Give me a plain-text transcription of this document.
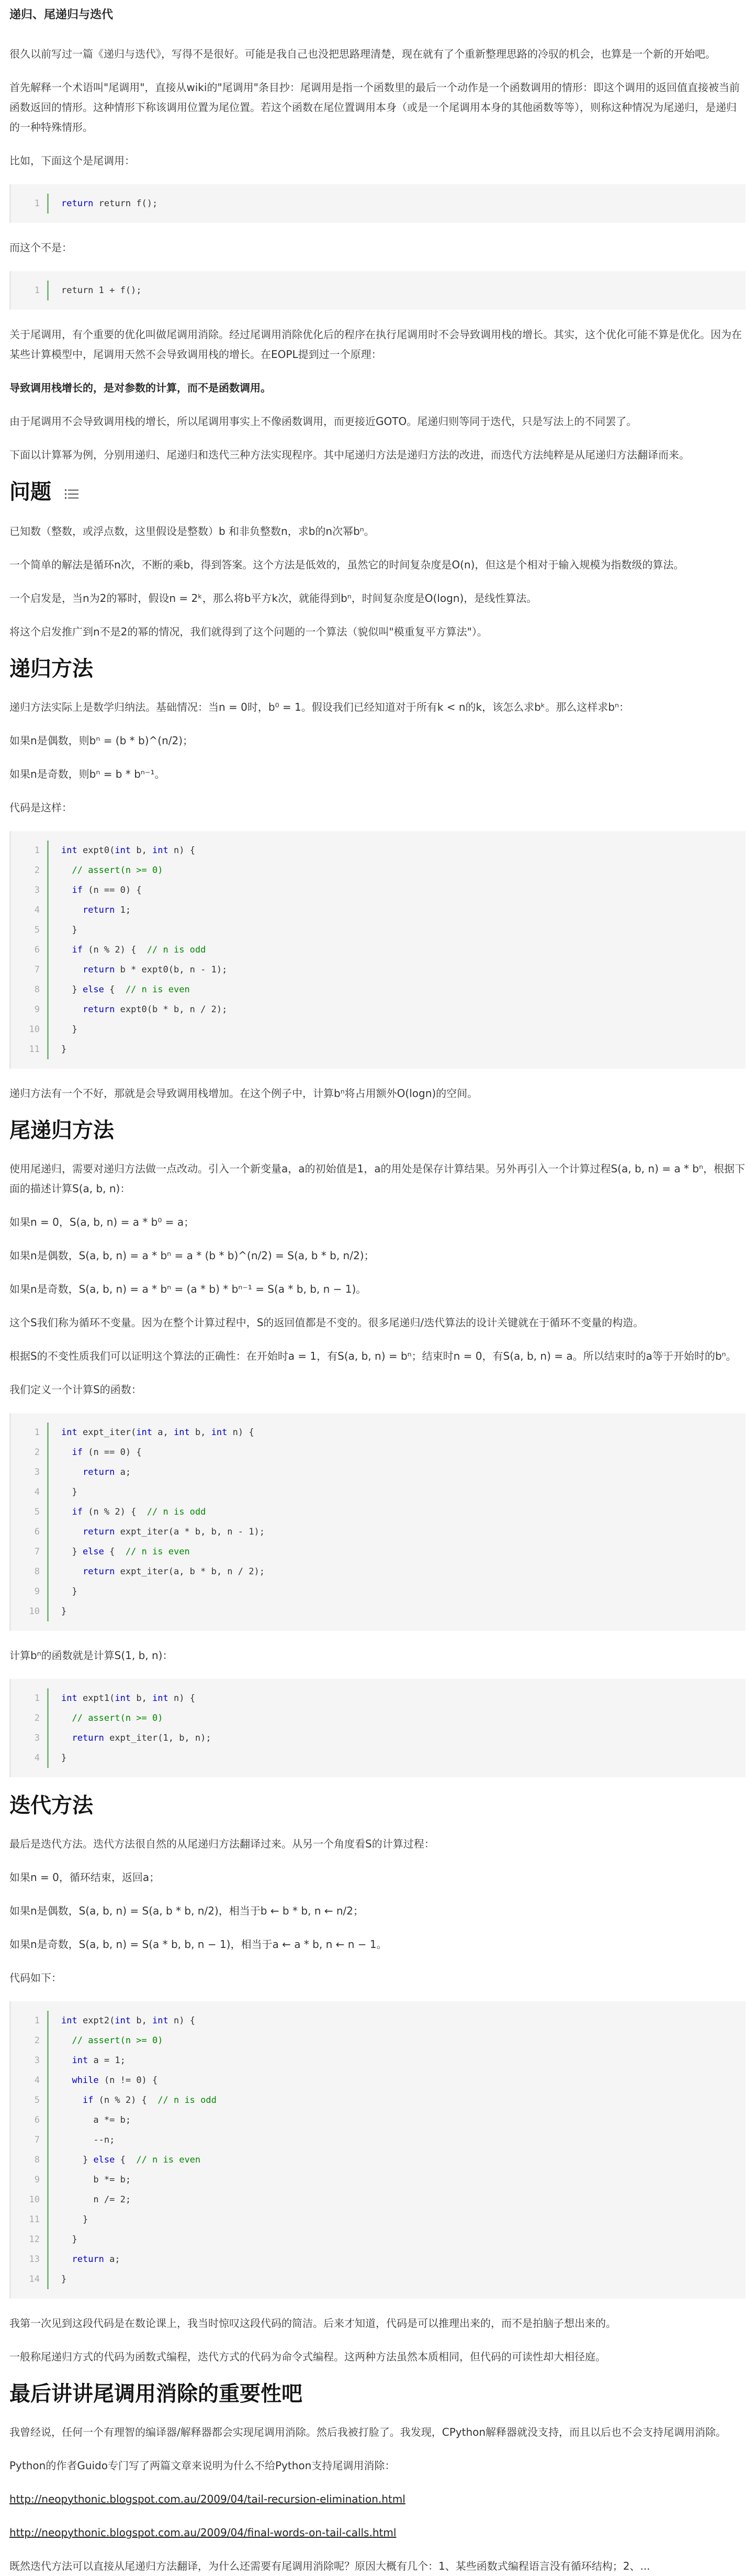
递归、尾递归与迭代

很久以前写过一篇《递归与迭代》，写得不是很好。可能是我自己也没把思路理清楚，现在就有了个重新整理思路的冷驭的机会，也算是一个新的开始吧。

首先解释一个术语叫"尾调用"，直接从wiki的"尾调用"条目抄：尾调用是指一个函数里的最后一个动作是一个函数调用的情形：即这个调用的返回值直接被当前函数返回的情形。这种情形下称该调用位置为尾位置。若这个函数在尾位置调用本身（或是一个尾调用本身的其他函数等等），则称这种情况为尾递归，是递归的一种特殊情形。

比如，下面这个是尾调用：

1	return return f();

而这个不是：

1	return 1 + f();

关于尾调用，有个重要的优化叫做尾调用消除。经过尾调用消除优化后的程序在执行尾调用时不会导致调用栈的增长。其实，这个优化可能不算是优化。因为在某些计算模型中，尾调用天然不会导致调用栈的增长。在EOPL提到过一个原理：

导致调用栈增长的，是对参数的计算，而不是函数调用。

由于尾调用不会导致调用栈的增长，所以尾调用事实上不像函数调用，而更接近GOTO。尾递归则等同于迭代，只是写法上的不同罢了。

下面以计算幂为例，分别用递归、尾递归和迭代三种方法实现程序。其中尾递归方法是递归方法的改进，而迭代方法纯粹是从尾递归方法翻译而来。

问题

已知数（整数，或浮点数，这里假设是整数）b 和非负整数n，求b的n次幂bⁿ。

一个简单的解法是循环n次，不断的乘b，得到答案。这个方法是低效的，虽然它的时间复杂度是O(n)，但这是个相对于输入规模为指数级的算法。

一个启发是，当n为2的幂时，假设n = 2ᵏ，那么将b平方k次，就能得到bⁿ，时间复杂度是O(logn)，是线性算法。

将这个启发推广到n不是2的幂的情况，我们就得到了这个问题的一个算法（貌似叫"模重复平方算法"）。

递归方法

递归方法实际上是数学归纳法。基础情况：当n = 0时，b⁰ = 1。假设我们已经知道对于所有k < n的k，该怎么求bᵏ。那么这样求bⁿ：

如果n是偶数，则bⁿ = (b * b)^(n/2)；

如果n是奇数，则bⁿ = b * bⁿ⁻¹。

代码是这样：

1	int expt0(int b, int n) {
2	// assert(n >= 0)
3	if (n == 0) {
4	return 1;
5	}
6	if (n % 2) {  // n is odd
7	return b * expt0(b, n - 1);
8	} else {  // n is even
9	return expt0(b * b, n / 2);
10	}
11	}

递归方法有一个不好，那就是会导致调用栈增加。在这个例子中，计算bⁿ将占用额外O(logn)的空间。

尾递归方法

使用尾递归，需要对递归方法做一点改动。引入一个新变量a，a的初始值是1，a的用处是保存计算结果。另外再引入一个计算过程S(a, b, n) = a * bⁿ，根据下面的描述计算S(a, b, n)：

如果n = 0，S(a, b, n) = a * b⁰ = a；

如果n是偶数，S(a, b, n) = a * bⁿ = a * (b * b)^(n/2) = S(a, b * b, n/2)；

如果n是奇数，S(a, b, n) = a * bⁿ = (a * b) * bⁿ⁻¹ = S(a * b, b, n − 1)。

这个S我们称为循环不变量。因为在整个计算过程中，S的返回值都是不变的。很多尾递归/迭代算法的设计关键就在于循环不变量的构造。

根据S的不变性质我们可以证明这个算法的正确性：在开始时a = 1，有S(a, b, n) = bⁿ；结束时n = 0，有S(a, b, n) = a。所以结束时的a等于开始时的bⁿ。

我们定义一个计算S的函数：

1	int expt_iter(int a, int b, int n) {
2	if (n == 0) {
3	return a;
4	}
5	if (n % 2) {  // n is odd
6	return expt_iter(a * b, b, n - 1);
7	} else {  // n is even
8	return expt_iter(a, b * b, n / 2);
9	}
10	}

计算bⁿ的函数就是计算S(1, b, n)：

1	int expt1(int b, int n) {
2	// assert(n >= 0)
3	return expt_iter(1, b, n);
4	}
迭代方法

最后是迭代方法。迭代方法很自然的从尾递归方法翻译过来。从另一个角度看S的计算过程：

如果n = 0，循环结束，返回a；

如果n是偶数，S(a, b, n) = S(a, b * b, n/2)，相当于b ← b * b, n ← n/2；

如果n是奇数，S(a, b, n) = S(a * b, b, n − 1)，相当于a ← a * b, n ← n − 1。

代码如下：

1	int expt2(int b, int n) {
2	// assert(n >= 0)
3	int a = 1;
4	while (n != 0) {
5	if (n % 2) {  // n is odd
6	a *= b;
7	--n;
8	} else {  // n is even
9	b *= b;
10	n /= 2;
11	}
12	}
13	return a;
14	}

我第一次见到这段代码是在数论课上，我当时惊叹这段代码的简洁。后来才知道，代码是可以推理出来的，而不是拍脑子想出来的。

一般称尾递归方式的代码为函数式编程，迭代方式的代码为命令式编程。这两种方法虽然本质相同，但代码的可读性却大相径庭。

最后讲讲尾调用消除的重要性吧

我曾经说，任何一个有理智的编译器/解释器都会实现尾调用消除。然后我被打脸了。我发现，CPython解释器就没支持，而且以后也不会支持尾调用消除。

Python的作者Guido专门写了两篇文章来说明为什么不给Python支持尾调用消除：

http://neopythonic.blogspot.com.au/2009/04/tail-recursion-elimination.html

http://neopythonic.blogspot.com.au/2009/04/final-words-on-tail-calls.html

既然迭代方法可以直接从尾递归方法翻译，为什么还需要有尾调用消除呢？原因大概有几个：1、某些函数式编程语言没有循环结构；2、...
